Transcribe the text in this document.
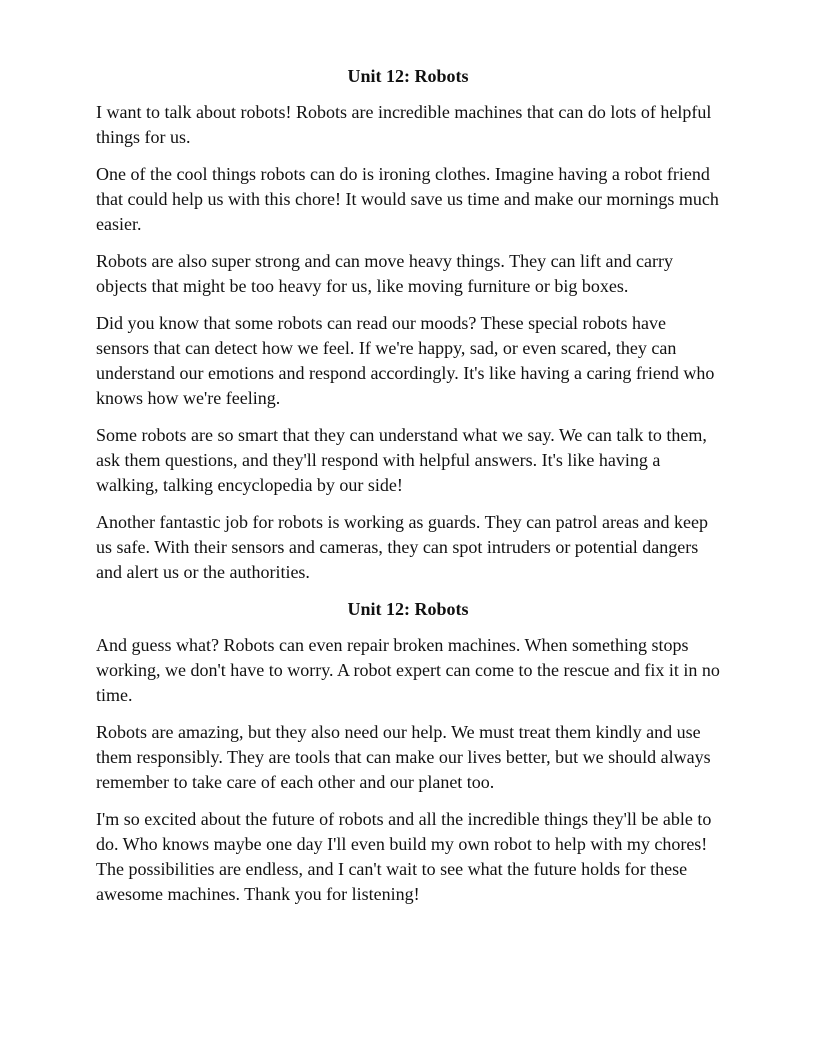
Unit 12: Robots

I want to talk about robots! Robots are incredible machines that can do lots of helpful things for us.

One of the cool things robots can do is ironing clothes. Imagine having a robot friend that could help us with this chore! It would save us time and make our mornings much easier.

Robots are also super strong and can move heavy things. They can lift and carry objects that might be too heavy for us, like moving furniture or big boxes.

Did you know that some robots can read our moods? These special robots have sensors that can detect how we feel. If we're happy, sad, or even scared, they can understand our emotions and respond accordingly. It's like having a caring friend who knows how we're feeling.

Some robots are so smart that they can understand what we say. We can talk to them, ask them questions, and they'll respond with helpful answers. It's like having a walking, talking encyclopedia by our side!

Another fantastic job for robots is working as guards. They can patrol areas and keep us safe. With their sensors and cameras, they can spot intruders or potential dangers and alert us or the authorities.

Unit 12: Robots

And guess what? Robots can even repair broken machines. When something stops working, we don't have to worry. A robot expert can come to the rescue and fix it in no time.

Robots are amazing, but they also need our help. We must treat them kindly and use them responsibly. They are tools that can make our lives better, but we should always remember to take care of each other and our planet too.

I'm so excited about the future of robots and all the incredible things they'll be able to do. Who knows maybe one day I'll even build my own robot to help with my chores! The possibilities are endless, and I can't wait to see what the future holds for these awesome machines. Thank you for listening!
